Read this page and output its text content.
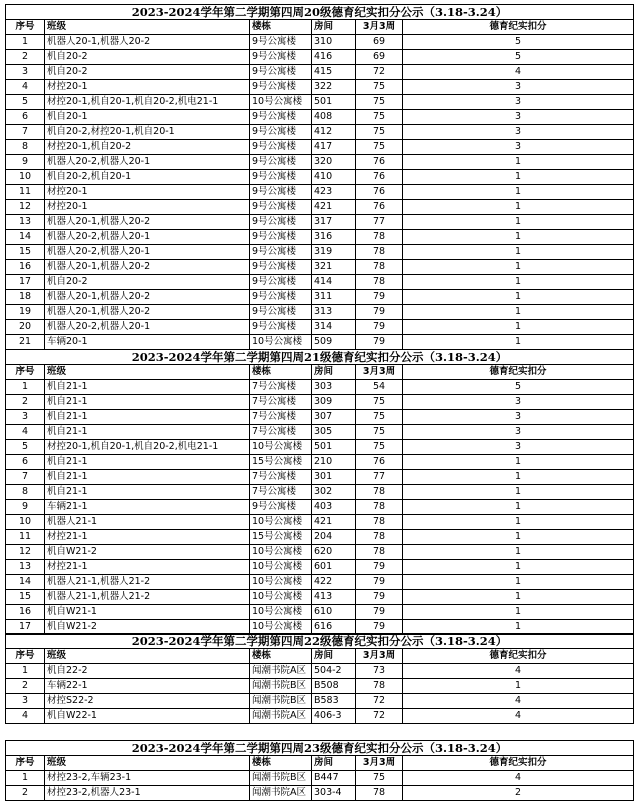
2023-2024学年第二学期第四周20级德育纪实扣分公示（3.18-3.24）
序号	班级	楼栋	房间	3月3周	德育纪实扣分
1	机器人20-1,机器人20-2	9号公寓楼	310	69	5
2	机自20-2	9号公寓楼	416	69	5
3	机自20-2	9号公寓楼	415	72	4
4	材控20-1	9号公寓楼	322	75	3
5	材控20-1,机自20-1,机自20-2,机电21-1	10号公寓楼	501	75	3
6	机自20-1	9号公寓楼	408	75	3
7	机自20-2,材控20-1,机自20-1	9号公寓楼	412	75	3
8	材控20-1,机自20-2	9号公寓楼	417	75	3
9	机器人20-2,机器人20-1	9号公寓楼	320	76	1
10	机自20-2,机自20-1	9号公寓楼	410	76	1
11	材控20-1	9号公寓楼	423	76	1
12	材控20-1	9号公寓楼	421	76	1
13	机器人20-1,机器人20-2	9号公寓楼	317	77	1
14	机器人20-2,机器人20-1	9号公寓楼	316	78	1
15	机器人20-2,机器人20-1	9号公寓楼	319	78	1
16	机器人20-1,机器人20-2	9号公寓楼	321	78	1
17	机自20-2	9号公寓楼	414	78	1
18	机器人20-1,机器人20-2	9号公寓楼	311	79	1
19	机器人20-1,机器人20-2	9号公寓楼	313	79	1
20	机器人20-2,机器人20-1	9号公寓楼	314	79	1
21	车辆20-1	10号公寓楼	509	79	1
2023-2024学年第二学期第四周21级德育纪实扣分公示（3.18-3.24）
序号	班级	楼栋	房间	3月3周	德育纪实扣分
1	机自21-1	7号公寓楼	303	54	5
2	机自21-1	7号公寓楼	309	75	3
3	机自21-1	7号公寓楼	307	75	3
4	机自21-1	7号公寓楼	305	75	3
5	材控20-1,机自20-1,机自20-2,机电21-1	10号公寓楼	501	75	3
6	机自21-1	15号公寓楼	210	76	1
7	机自21-1	7号公寓楼	301	77	1
8	机自21-1	7号公寓楼	302	78	1
9	车辆21-1	9号公寓楼	403	78	1
10	机器人21-1	10号公寓楼	421	78	1
11	材控21-1	15号公寓楼	204	78	1
12	机自W21-2	10号公寓楼	620	78	1
13	材控21-1	10号公寓楼	601	79	1
14	机器人21-1,机器人21-2	10号公寓楼	422	79	1
15	机器人21-1,机器人21-2	10号公寓楼	413	79	1
16	机自W21-1	10号公寓楼	610	79	1
17	机自W21-2	10号公寓楼	616	79	1
2023-2024学年第二学期第四周22级德育纪实扣分公示（3.18-3.24）
序号	班级	楼栋	房间	3月3周	德育纪实扣分
1	机自22-2	闻潮书院A区 504-2	73	4
2	车辆22-1	闻潮书院B区 B508	78	1
3	材控S22-2	闻潮书院B区 B583	72	4
4	机自W22-1	闻潮书院A区 406-3	72	4
2023-2024学年第二学期第四周23级德育纪实扣分公示（3.18-3.24）
序号	班级	楼栋	房间	3月3周	德育纪实扣分
1	材控23-2,车辆23-1	闻潮书院B区 B447	75	4
2	材控23-2,机器人23-1	闻潮书院A区 303-4	78	2
